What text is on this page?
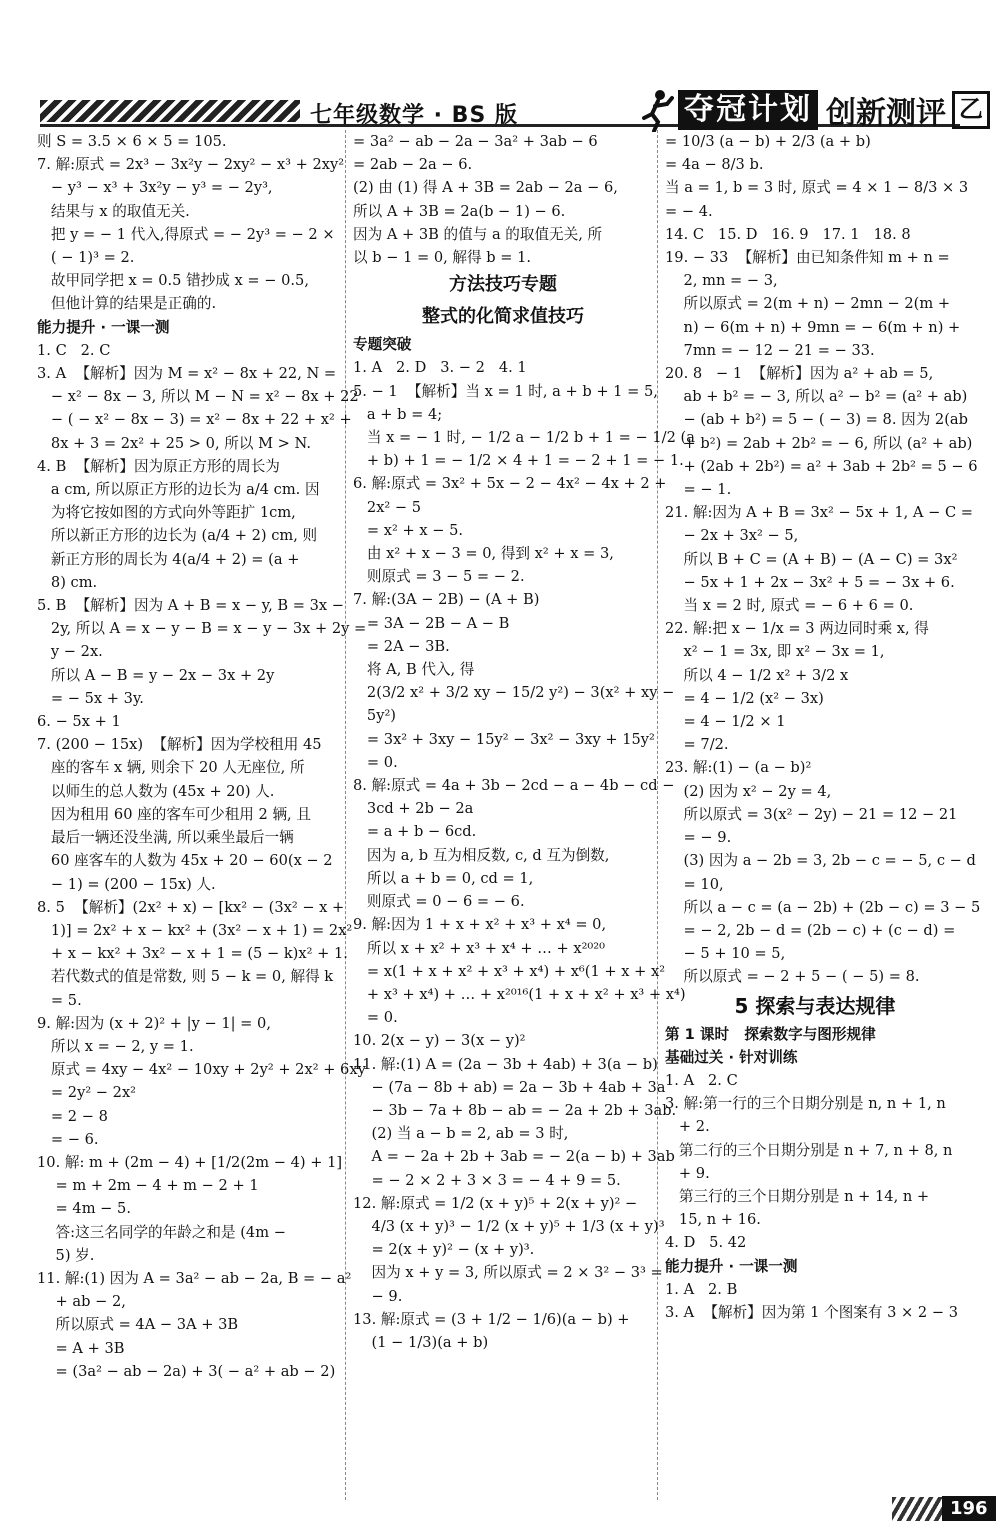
七年级数学 · BS 版	夺冠计划 创新测评 乙
则 S = 3.5 × 6 × 5 = 105.
7. 解:原式 = 2x³ − 3x²y − 2xy² − x³ + 2xy²
− y³ − x³ + 3x²y − y³ = − 2y³,
结果与 x 的取值无关.
把 y = − 1 代入,得原式 = − 2y³ = − 2 ×
( − 1)³ = 2.
故甲同学把 x = 0.5 错抄成 x = − 0.5,
但他计算的结果是正确的.
能力提升 · 一课一测
1. C   2. C
3. A  【解析】因为 M = x² − 8x + 22, N =
− x² − 8x − 3, 所以 M − N = x² − 8x + 22
− ( − x² − 8x − 3) = x² − 8x + 22 + x² +
8x + 3 = 2x² + 25 > 0, 所以 M > N.
4. B  【解析】因为原正方形的周长为
a cm, 所以原正方形的边长为 a/4 cm. 因
为将它按如图的方式向外等距扩 1cm,
所以新正方形的边长为 (a/4 + 2) cm, 则
新正方形的周长为 4(a/4 + 2) = (a +
8) cm.
5. B  【解析】因为 A + B = x − y, B = 3x −
2y, 所以 A = x − y − B = x − y − 3x + 2y =
y − 2x.
所以 A − B = y − 2x − 3x + 2y
= − 5x + 3y.
6. − 5x + 1
7. (200 − 15x)  【解析】因为学校租用 45
座的客车 x 辆, 则余下 20 人无座位, 所
以师生的总人数为 (45x + 20) 人.
因为租用 60 座的客车可少租用 2 辆, 且
最后一辆还没坐满, 所以乘坐最后一辆
60 座客车的人数为 45x + 20 − 60(x − 2
− 1) = (200 − 15x) 人.
8. 5  【解析】(2x² + x) − [kx² − (3x² − x +
1)] = 2x² + x − kx² + (3x² − x + 1) = 2x²
+ x − kx² + 3x² − x + 1 = (5 − k)x² + 1.
若代数式的值是常数, 则 5 − k = 0, 解得 k
= 5.
9. 解:因为 (x + 2)² + |y − 1| = 0,
所以 x = − 2, y = 1.
原式 = 4xy − 4x² − 10xy + 2y² + 2x² + 6xy
= 2y² − 2x²
= 2 − 8
= − 6.
10. 解: m + (2m − 4) + [1/2(2m − 4) + 1]
= m + 2m − 4 + m − 2 + 1
= 4m − 5.
答:这三名同学的年龄之和是 (4m −
5) 岁.
11. 解:(1) 因为 A = 3a² − ab − 2a, B = − a²
+ ab − 2,
所以原式 = 4A − 3A + 3B
= A + 3B
= (3a² − ab − 2a) + 3( − a² + ab − 2)
= 3a² − ab − 2a − 3a² + 3ab − 6
= 2ab − 2a − 6.
(2) 由 (1) 得 A + 3B = 2ab − 2a − 6,
所以 A + 3B = 2a(b − 1) − 6.
因为 A + 3B 的值与 a 的取值无关, 所
以 b − 1 = 0, 解得 b = 1.
方法技巧专题
整式的化简求值技巧
专题突破
1. A   2. D   3. − 2   4. 1
5. − 1  【解析】当 x = 1 时, a + b + 1 = 5,
a + b = 4;
当 x = − 1 时, − 1/2 a − 1/2 b + 1 = − 1/2 (a
+ b) + 1 = − 1/2 × 4 + 1 = − 2 + 1 = − 1.
6. 解:原式 = 3x² + 5x − 2 − 4x² − 4x + 2 +
2x² − 5
= x² + x − 5.
由 x² + x − 3 = 0, 得到 x² + x = 3,
则原式 = 3 − 5 = − 2.
7. 解:(3A − 2B) − (A + B)
= 3A − 2B − A − B
= 2A − 3B.
将 A, B 代入, 得
2(3/2 x² + 3/2 xy − 15/2 y²) − 3(x² + xy −
5y²)
= 3x² + 3xy − 15y² − 3x² − 3xy + 15y²
= 0.
8. 解:原式 = 4a + 3b − 2cd − a − 4b − cd −
3cd + 2b − 2a
= a + b − 6cd.
因为 a, b 互为相反数, c, d 互为倒数,
所以 a + b = 0, cd = 1,
则原式 = 0 − 6 = − 6.
9. 解:因为 1 + x + x² + x³ + x⁴ = 0,
所以 x + x² + x³ + x⁴ + … + x²⁰²⁰
= x(1 + x + x² + x³ + x⁴) + x⁶(1 + x + x²
+ x³ + x⁴) + … + x²⁰¹⁶(1 + x + x² + x³ + x⁴)
= 0.
10. 2(x − y) − 3(x − y)²
11. 解:(1) A = (2a − 3b + 4ab) + 3(a − b)
− (7a − 8b + ab) = 2a − 3b + 4ab + 3a
− 3b − 7a + 8b − ab = − 2a + 2b + 3ab.
(2) 当 a − b = 2, ab = 3 时,
A = − 2a + 2b + 3ab = − 2(a − b) + 3ab
= − 2 × 2 + 3 × 3 = − 4 + 9 = 5.
12. 解:原式 = 1/2 (x + y)⁵ + 2(x + y)² −
4/3 (x + y)³ − 1/2 (x + y)⁵ + 1/3 (x + y)³
= 2(x + y)² − (x + y)³.
因为 x + y = 3, 所以原式 = 2 × 3² − 3³ =
− 9.
13. 解:原式 = (3 + 1/2 − 1/6)(a − b) +
(1 − 1/3)(a + b)
= 10/3 (a − b) + 2/3 (a + b)
= 4a − 8/3 b.
当 a = 1, b = 3 时, 原式 = 4 × 1 − 8/3 × 3
= − 4.
14. C   15. D   16. 9   17. 1   18. 8
19. − 33  【解析】由已知条件知 m + n =
2, mn = − 3,
所以原式 = 2(m + n) − 2mn − 2(m +
n) − 6(m + n) + 9mn = − 6(m + n) +
7mn = − 12 − 21 = − 33.
20. 8   − 1  【解析】因为 a² + ab = 5,
ab + b² = − 3, 所以 a² − b² = (a² + ab)
− (ab + b²) = 5 − ( − 3) = 8. 因为 2(ab
+ b²) = 2ab + 2b² = − 6, 所以 (a² + ab)
+ (2ab + 2b²) = a² + 3ab + 2b² = 5 − 6
= − 1.
21. 解:因为 A + B = 3x² − 5x + 1, A − C =
− 2x + 3x² − 5,
所以 B + C = (A + B) − (A − C) = 3x²
− 5x + 1 + 2x − 3x² + 5 = − 3x + 6.
当 x = 2 时, 原式 = − 6 + 6 = 0.
22. 解:把 x − 1/x = 3 两边同时乘 x, 得
x² − 1 = 3x, 即 x² − 3x = 1,
所以 4 − 1/2 x² + 3/2 x
= 4 − 1/2 (x² − 3x)
= 4 − 1/2 × 1
= 7/2.
23. 解:(1) − (a − b)²
(2) 因为 x² − 2y = 4,
所以原式 = 3(x² − 2y) − 21 = 12 − 21
= − 9.
(3) 因为 a − 2b = 3, 2b − c = − 5, c − d
= 10,
所以 a − c = (a − 2b) + (2b − c) = 3 − 5
= − 2, 2b − d = (2b − c) + (c − d) =
− 5 + 10 = 5,
所以原式 = − 2 + 5 − ( − 5) = 8.
5 探索与表达规律
第 1 课时   探索数字与图形规律
基础过关 · 针对训练
1. A   2. C
3. 解:第一行的三个日期分别是 n, n + 1, n
+ 2.
第二行的三个日期分别是 n + 7, n + 8, n
+ 9.
第三行的三个日期分别是 n + 14, n +
15, n + 16.
4. D   5. 42
能力提升 · 一课一测
1. A   2. B
3. A  【解析】因为第 1 个图案有 3 × 2 − 3
196
